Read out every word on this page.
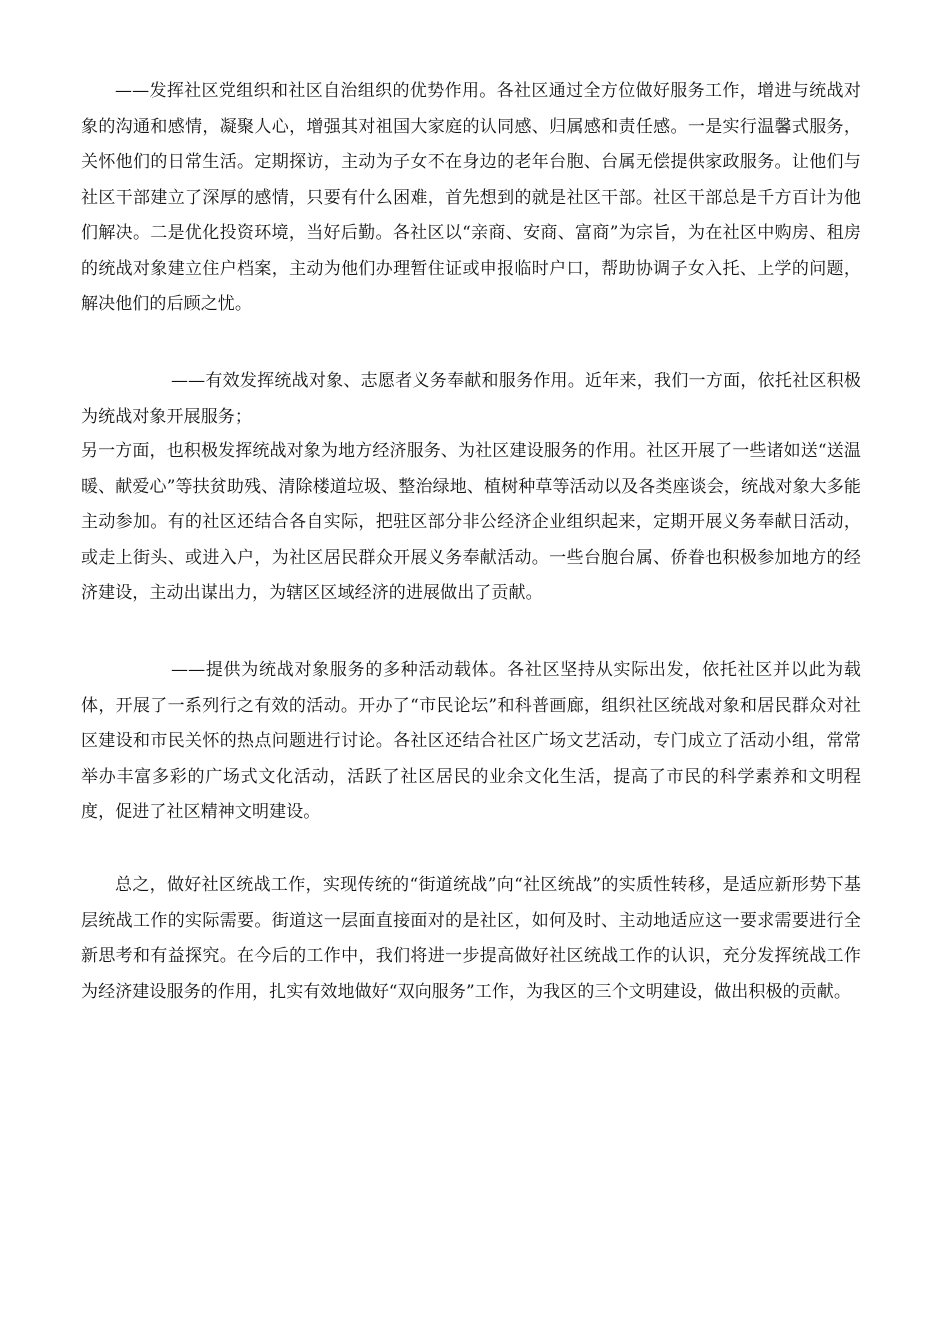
——发挥社区党组织和社区自治组织的优势作用。各社区通过全方位做好服务工作，增进与统战对象的沟通和感情，凝聚人心，增强其对祖国大家庭的认同感、归属感和责任感。一是实行温馨式服务，关怀他们的日常生活。定期探访，主动为子女不在身边的老年台胞、台属无偿提供家政服务。让他们与社区干部建立了深厚的感情，只要有什么困难，首先想到的就是社区干部。社区干部总是千方百计为他们解决。二是优化投资环境，当好后勤。各社区以“亲商、安商、富商”为宗旨，为在社区中购房、租房的统战对象建立住户档案，主动为他们办理暂住证或申报临时户口，帮助协调子女入托、上学的问题，解决他们的后顾之忧。

——有效发挥统战对象、志愿者义务奉献和服务作用。近年来，我们一方面，依托社区积极为统战对象开展服务；

另一方面，也积极发挥统战对象为地方经济服务、为社区建设服务的作用。社区开展了一些诸如送“送温暖、献爱心”等扶贫助残、清除楼道垃圾、整治绿地、植树种草等活动以及各类座谈会，统战对象大多能主动参加。有的社区还结合各自实际，把驻区部分非公经济企业组织起来，定期开展义务奉献日活动，或走上街头、或进入户，为社区居民群众开展义务奉献活动。一些台胞台属、侨眷也积极参加地方的经济建设，主动出谋出力，为辖区区域经济的进展做出了贡献。

——提供为统战对象服务的多种活动载体。各社区坚持从实际出发，依托社区并以此为载体，开展了一系列行之有效的活动。开办了“市民论坛”和科普画廊，组织社区统战对象和居民群众对社区建设和市民关怀的热点问题进行讨论。各社区还结合社区广场文艺活动，专门成立了活动小组，常常举办丰富多彩的广场式文化活动，活跃了社区居民的业余文化生活，提高了市民的科学素养和文明程度，促进了社区精神文明建设。

总之，做好社区统战工作，实现传统的“街道统战”向“社区统战”的实质性转移，是适应新形势下基层统战工作的实际需要。街道这一层面直接面对的是社区，如何及时、主动地适应这一要求需要进行全新思考和有益探究。在今后的工作中，我们将进一步提高做好社区统战工作的认识，充分发挥统战工作为经济建设服务的作用，扎实有效地做好“双向服务”工作，为我区的三个文明建设，做出积极的贡献。
